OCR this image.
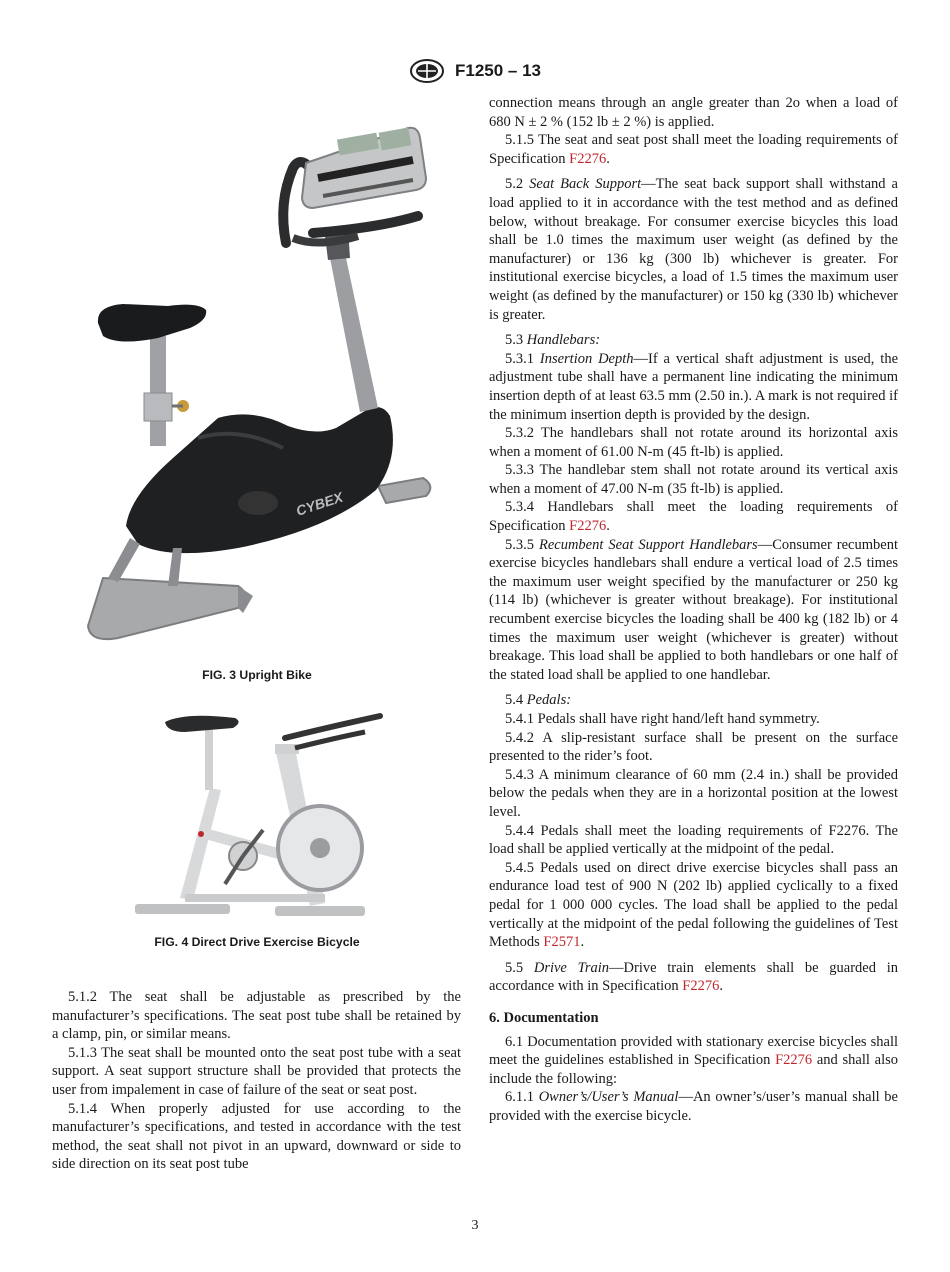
F1250 – 13
CYBEX
FIG. 3 Upright Bike
FIG. 4 Direct Drive Exercise Bicycle

5.1.2 The seat shall be adjustable as prescribed by the manufacturer’s specifications. The seat post tube shall be retained by a clamp, pin, or similar means.

5.1.3 The seat shall be mounted onto the seat post tube with a seat support. A seat support structure shall be provided that protects the user from impalement in case of failure of the seat or seat post.

5.1.4 When properly adjusted for use according to the manufacturer’s specifications, and tested in accordance with the test method, the seat shall not pivot in an upward, downward or side to side direction on its seat post tube

connection means through an angle greater than 2o when a load of 680 N ± 2 % (152 lb ± 2 %) is applied.

5.1.5 The seat and seat post shall meet the loading requirements of Specification F2276.

5.2 Seat Back Support—The seat back support shall withstand a load applied to it in accordance with the test method and as defined below, without breakage. For consumer exercise bicycles this load shall be 1.0 times the maximum user weight (as defined by the manufacturer) or 136 kg (300 lb) whichever is greater. For institutional exercise bicycles, a load of 1.5 times the maximum user weight (as defined by the manufacturer) or 150 kg (330 lb) whichever is greater.

5.3 Handlebars:

5.3.1 Insertion Depth—If a vertical shaft adjustment is used, the adjustment tube shall have a permanent line indicating the minimum insertion depth of at least 63.5 mm (2.50 in.). A mark is not required if the minimum insertion depth is provided by the design.

5.3.2 The handlebars shall not rotate around its horizontal axis when a moment of 61.00 N-m (45 ft-lb) is applied.

5.3.3 The handlebar stem shall not rotate around its vertical axis when a moment of 47.00 N-m (35 ft-lb) is applied.

5.3.4 Handlebars shall meet the loading requirements of Specification F2276.

5.3.5 Recumbent Seat Support Handlebars—Consumer recumbent exercise bicycles handlebars shall endure a vertical load of 2.5 times the maximum user weight specified by the manufacturer or 250 kg (114 lb) (whichever is greater without breakage). For institutional recumbent exercise bicycles the loading shall be 400 kg (182 lb) or 4 times the maximum user weight (whichever is greater) without breakage. This load shall be applied to both handlebars or one half of the stated load shall be applied to one handlebar.

5.4 Pedals:

5.4.1 Pedals shall have right hand/left hand symmetry.

5.4.2 A slip-resistant surface shall be present on the surface presented to the rider’s foot.

5.4.3 A minimum clearance of 60 mm (2.4 in.) shall be provided below the pedals when they are in a horizontal position at the lowest level.

5.4.4 Pedals shall meet the loading requirements of F2276. The load shall be applied vertically at the midpoint of the pedal.

5.4.5 Pedals used on direct drive exercise bicycles shall pass an endurance load test of 900 N (202 lb) applied cyclically to a fixed pedal for 1 000 000 cycles. The load shall be applied to the pedal vertically at the midpoint of the pedal following the guidelines of Test Methods F2571.

5.5 Drive Train—Drive train elements shall be guarded in accordance with in Specification F2276.

6. Documentation

6.1 Documentation provided with stationary exercise bicycles shall meet the guidelines established in Specification F2276 and shall also include the following:

6.1.1 Owner’s/User’s Manual—An owner’s/user’s manual shall be provided with the exercise bicycle.

3
